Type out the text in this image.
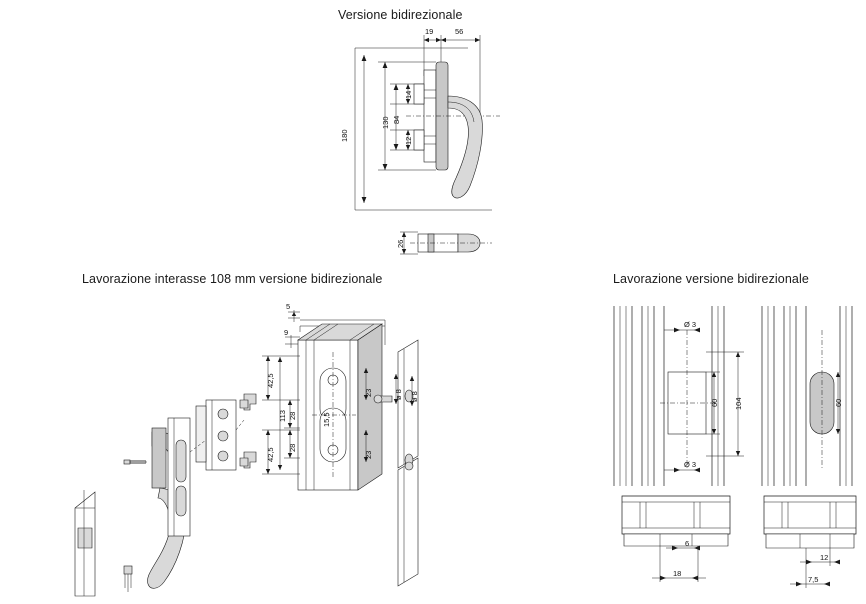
Versione bidirezionale
Lavorazione interasse 108 mm versione bidirezionale	Lavorazione versione bidirezionale
19	56
180
130 84
14
12
26
5
9
42,5
28
113
42,5 28
23
23
15,5
ø 8 ø 8
Ø 3
Ø 3
60 104	60
6
18
12
7,5
